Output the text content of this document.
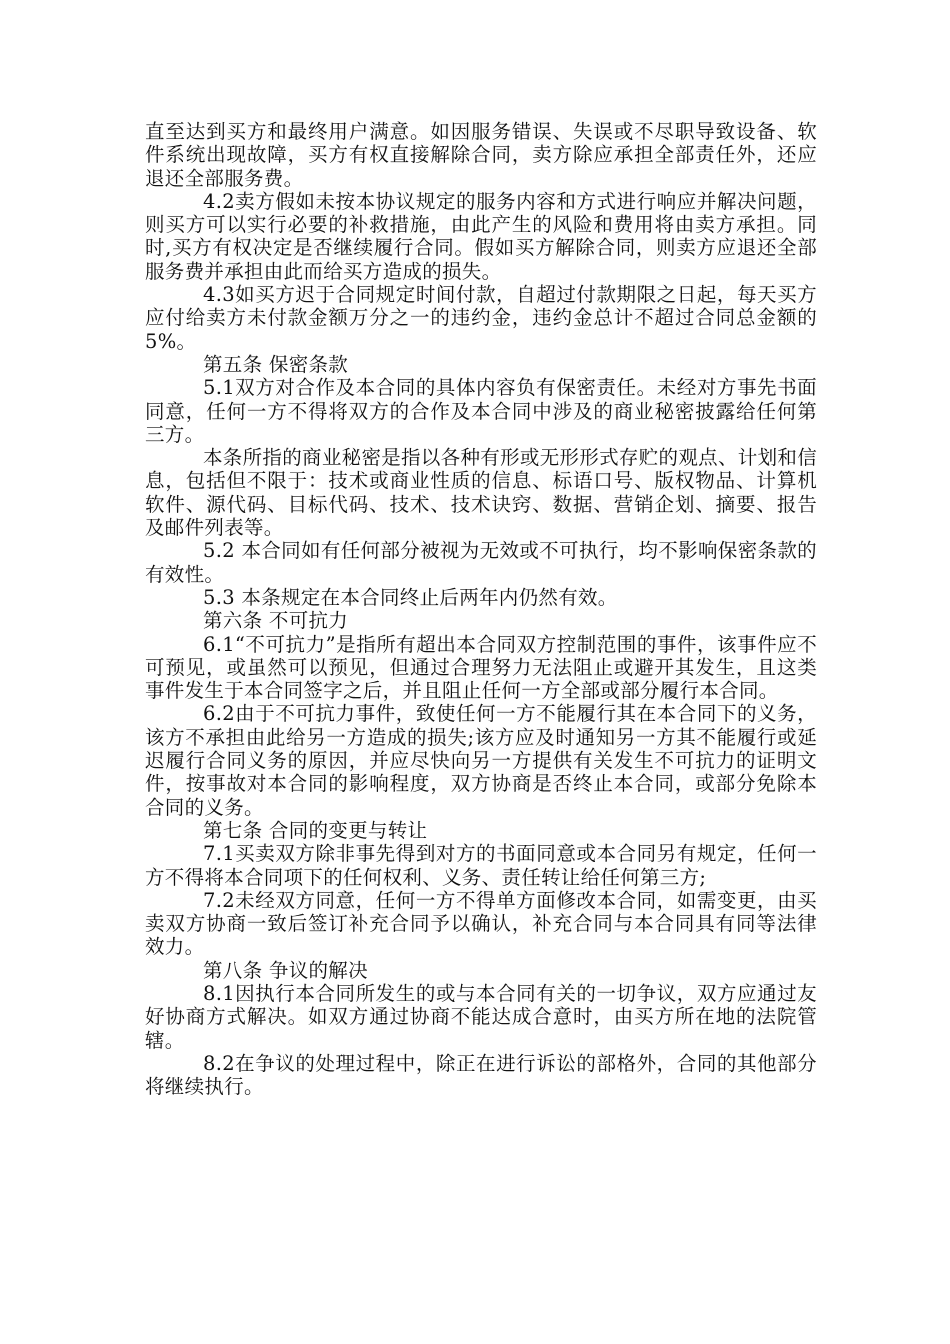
直至达到买方和最终用户满意。如因服务错误、失误或不尽职导致设备、软件系统出现故障，买方有权直接解除合同，卖方除应承担全部责任外，还应退还全部服务费。

4.2卖方假如未按本协议规定的服务内容和方式进行响应并解决问题，则买方可以实行必要的补救措施，由此产生的风险和费用将由卖方承担。同时,买方有权决定是否继续履行合同。假如买方解除合同，则卖方应退还全部服务费并承担由此而给买方造成的损失。

4.3如买方迟于合同规定时间付款，自超过付款期限之日起，每天买方应付给卖方未付款金额万分之一的违约金，违约金总计不超过合同总金额的5%。

第五条 保密条款

5.1双方对合作及本合同的具体内容负有保密责任。未经对方事先书面同意，任何一方不得将双方的合作及本合同中涉及的商业秘密披露给任何第三方。

本条所指的商业秘密是指以各种有形或无形形式存贮的观点、计划和信息，包括但不限于：技术或商业性质的信息、标语口号、版权物品、计算机软件、源代码、目标代码、技术、技术诀窍、数据、营销企划、摘要、报告及邮件列表等。

5.2 本合同如有任何部分被视为无效或不可执行，均不影响保密条款的有效性。

5.3 本条规定在本合同终止后两年内仍然有效。

第六条 不可抗力

6.1“不可抗力”是指所有超出本合同双方控制范围的事件，该事件应不可预见，或虽然可以预见，但通过合理努力无法阻止或避开其发生，且这类事件发生于本合同签字之后，并且阻止任何一方全部或部分履行本合同。

6.2由于不可抗力事件，致使任何一方不能履行其在本合同下的义务，该方不承担由此给另一方造成的损失;该方应及时通知另一方其不能履行或延迟履行合同义务的原因，并应尽快向另一方提供有关发生不可抗力的证明文件，按事故对本合同的影响程度，双方协商是否终止本合同，或部分免除本合同的义务。

第七条 合同的变更与转让

7.1买卖双方除非事先得到对方的书面同意或本合同另有规定，任何一方不得将本合同项下的任何权利、义务、责任转让给任何第三方;

7.2未经双方同意，任何一方不得单方面修改本合同，如需变更，由买卖双方协商一致后签订补充合同予以确认，补充合同与本合同具有同等法律效力。

第八条 争议的解决

8.1因执行本合同所发生的或与本合同有关的一切争议，双方应通过友好协商方式解决。如双方通过协商不能达成合意时，由买方所在地的法院管辖。

8.2在争议的处理过程中，除正在进行诉讼的部格外，合同的其他部分将继续执行。
